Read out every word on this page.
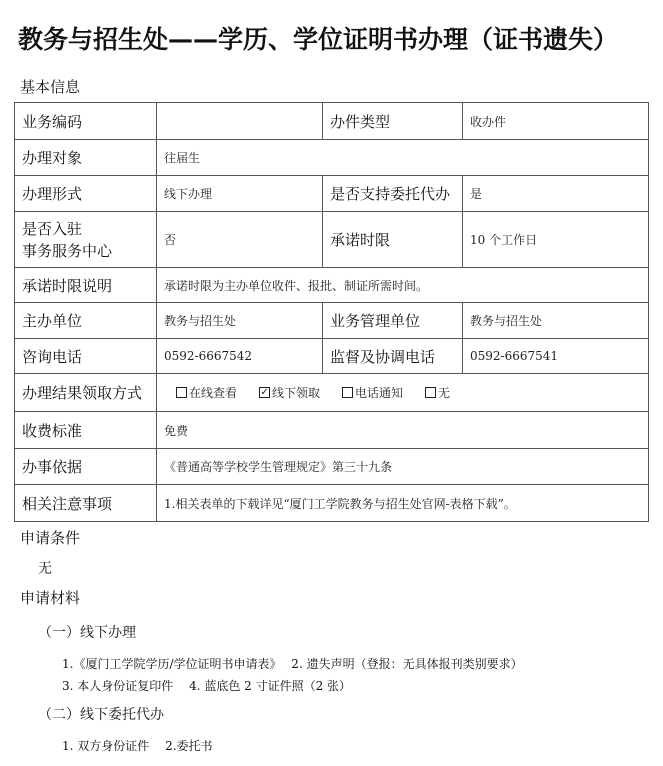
教务与招生处——学历、学位证明书办理（证书遗失）
基本信息
业务编码		办件类型	收办件
办理对象	往届生		
办理形式	线下办理	是否支持委托代办	是

是否入驻
事务服务中心	否	承诺时限	10 个工作日
承诺时限说明	承诺时限为主办单位收件、报批、制证所需时间。		
主办单位	教务与招生处	业务管理单位	教务与招生处
咨询电话	0592-6667542	监督及协调电话	0592-6667541
办理结果领取方式	在线查看 ✓ 线下领取 电话通知 无		

收费标准	免费		
办事依据	《普通高等学校学生管理规定》第三十九条		
相关注意事项	1.相关表单的下载详见“厦门工学院教务与招生处官网-表格下载”。		
申请条件
无
申请材料
（一）线下办理
1.《厦门工学院学历/学位证明书申请表》　 2. 遗失声明（登报：无具体报刊类别要求）
3. 本人身份证复印件　 4. 蓝底色 2 寸证件照（2 张）
（二）线下委托代办
1. 双方身份证件　 2.委托书
